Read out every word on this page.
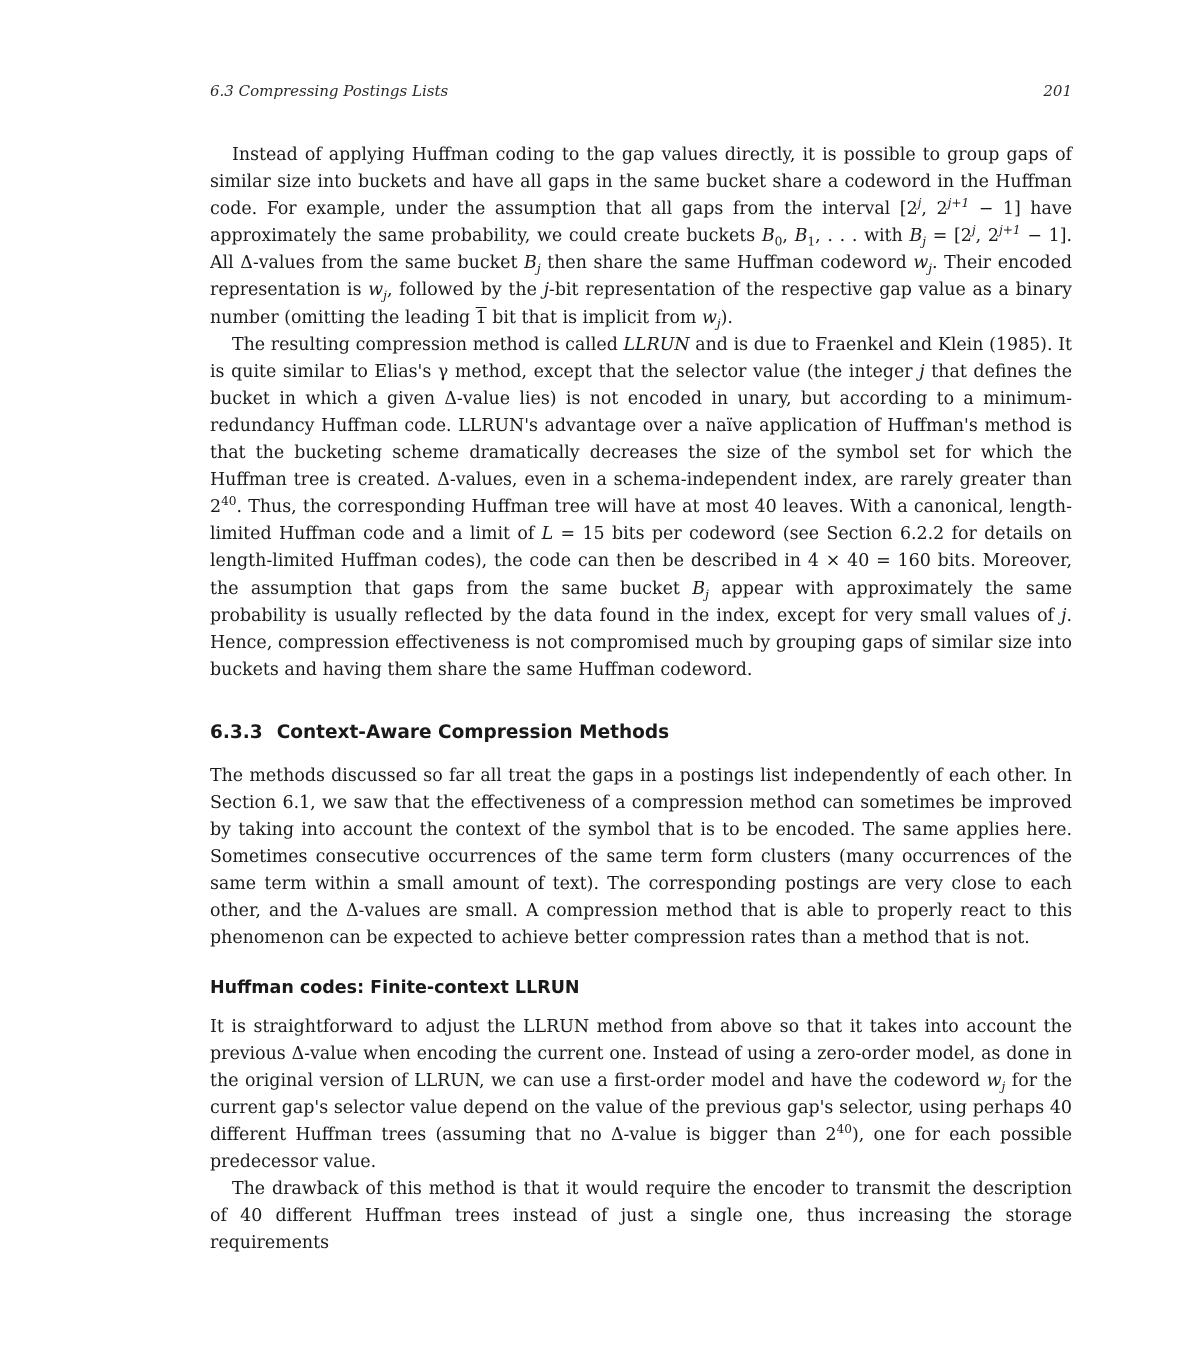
6.3 Compressing Postings Lists	201

Instead of applying Huffman coding to the gap values directly, it is possible to group gaps of similar size into buckets and have all gaps in the same bucket share a codeword in the Huffman code. For example, under the assumption that all gaps from the interval [2$^j$, $2^{j+1} - 1$] have approximately the same probability, we could create buckets $B_0$, $B_1$, . . . with $B_j = [2^j$, $2^{j+1} - 1$]. All Δ-values from the same bucket $B_j$ then share the same Huffman codeword $w_j$. Their encoded representation is $w_j$, followed by the j-bit representation of the respective gap value as a binary number (omitting the leading 1 bit that is implicit from $w_j$).

The resulting compression method is called LLRUN and is due to Fraenkel and Klein (1985). It is quite similar to Elias's γ method, except that the selector value (the integer j that defines the bucket in which a given Δ-value lies) is not encoded in unary, but according to a minimum-redundancy Huffman code. LLRUN's advantage over a naïve application of Huffman's method is that the bucketing scheme dramatically decreases the size of the symbol set for which the Huffman tree is created. Δ-values, even in a schema-independent index, are rarely greater than $2^{40}$. Thus, the corresponding Huffman tree will have at most 40 leaves. With a canonical, length-limited Huffman code and a limit of L = 15 bits per codeword (see Section 6.2.2 for details on length-limited Huffman codes), the code can then be described in 4 × 40 = 160 bits. Moreover, the assumption that gaps from the same bucket $B_j$ appear with approximately the same probability is usually reflected by the data found in the index, except for very small values of j. Hence, compression effectiveness is not compromised much by grouping gaps of similar size into buckets and having them share the same Huffman codeword.

6.3.3 Context-Aware Compression Methods

The methods discussed so far all treat the gaps in a postings list independently of each other. In Section 6.1, we saw that the effectiveness of a compression method can sometimes be improved by taking into account the context of the symbol that is to be encoded. The same applies here. Sometimes consecutive occurrences of the same term form clusters (many occurrences of the same term within a small amount of text). The corresponding postings are very close to each other, and the Δ-values are small. A compression method that is able to properly react to this phenomenon can be expected to achieve better compression rates than a method that is not.

Huffman codes: Finite-context LLRUN

It is straightforward to adjust the LLRUN method from above so that it takes into account the previous Δ-value when encoding the current one. Instead of using a zero-order model, as done in the original version of LLRUN, we can use a first-order model and have the codeword $w_j$ for the current gap's selector value depend on the value of the previous gap's selector, using perhaps 40 different Huffman trees (assuming that no Δ-value is bigger than $2^{40}$), one for each possible predecessor value.

The drawback of this method is that it would require the encoder to transmit the description of 40 different Huffman trees instead of just a single one, thus increasing the storage requirements
